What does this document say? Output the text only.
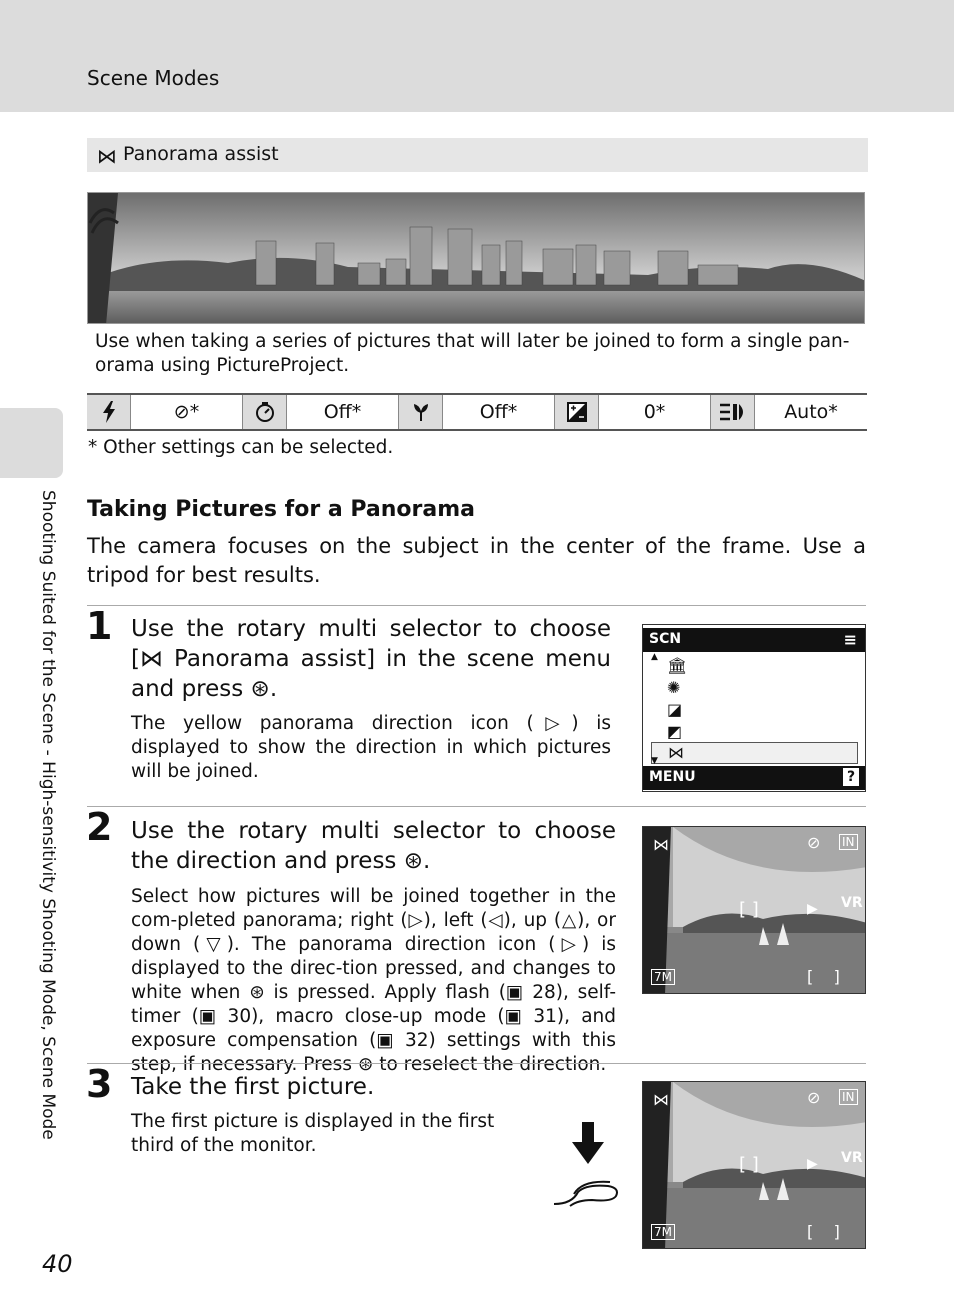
Scene Modes
Shooting Suited for the Scene - High-sensitivity Shooting Mode, Scene Mode
⋈ Panorama assist
Use when taking a series of pictures that will later be joined to form a single pan-orama using PictureProject.
⊘*	Off*	Off*	0*	Auto*
* Other settings can be selected.
Taking Pictures for a Panorama
The camera focuses on the subject in the center of the frame. Use a tripod for best results.
1 Use the rotary multi selector to choose [⋈ Panorama assist] in the scene menu and press ⊛.
The yellow panorama direction icon (▷) is displayed to show the direction in which pictures will be joined.
SCN	≡
🏛
✺
◪
◩
⋈
▲
▼
MENU	?
2 Use the rotary multi selector to choose the direction and press ⊛.
Select how pictures will be joined together in the com-pleted panorama; right (▷), left (◁), up (△), or down (▽). The panorama direction icon (▷) is displayed to the direc-tion pressed, and changes to white when ⊛ is pressed. Apply flash (▣ 28), self-timer (▣ 30), macro close-up mode (▣ 31), and exposure compensation (▣ 32) settings with this step, if necessary. Press ⊛ to reselect the direction.
⋈	⊘ IN
[ ]	▶ VR
7M	[    ]
3 Take the first picture.
The first picture is displayed in the first third of the monitor.
⋈	⊘ IN
[ ]	▶ VR
7M	[    ]
40
